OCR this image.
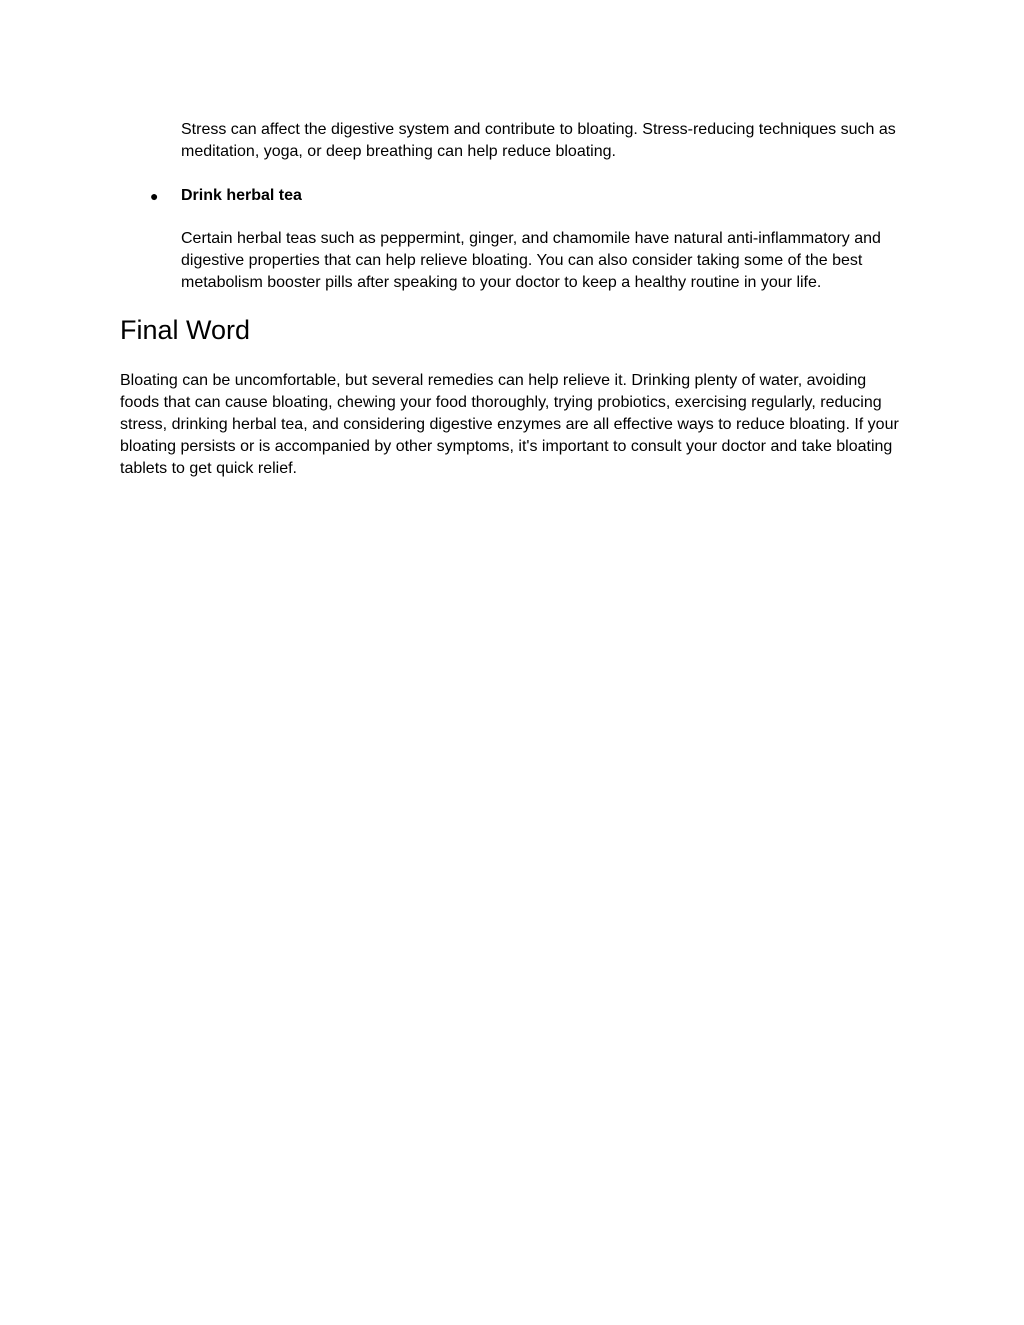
Stress can affect the digestive system and contribute to bloating. Stress-reducing techniques such as meditation, yoga, or deep breathing can help reduce bloating.

●	Drink herbal tea

Certain herbal teas such as peppermint, ginger, and chamomile have natural anti-inflammatory and digestive properties that can help relieve bloating. You can also consider taking some of the best metabolism booster pills after speaking to your doctor to keep a healthy routine in your life.

Final Word

Bloating can be uncomfortable, but several remedies can help relieve it. Drinking plenty of water, avoiding foods that can cause bloating, chewing your food thoroughly, trying probiotics, exercising regularly, reducing stress, drinking herbal tea, and considering digestive enzymes are all effective ways to reduce bloating. If your bloating persists or is accompanied by other symptoms, it's important to consult your doctor and take bloating tablets to get quick relief.
